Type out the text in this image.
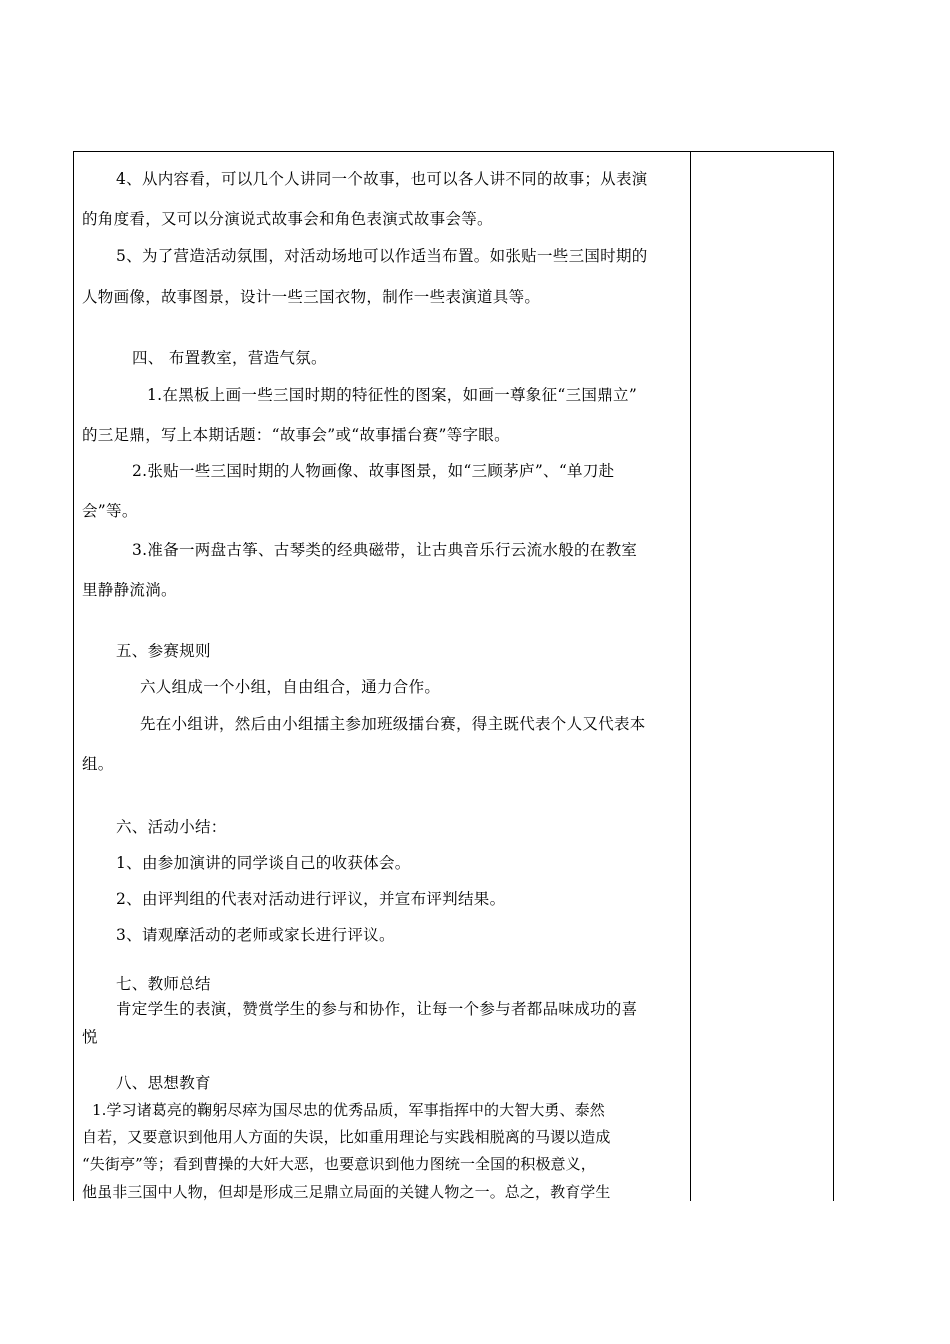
4、从内容看，可以几个人讲同一个故事，也可以各人讲不同的故事；从表演
的角度看，又可以分演说式故事会和角色表演式故事会等。
5、为了营造活动氛围，对活动场地可以作适当布置。如张贴一些三国时期的
人物画像，故事图景，设计一些三国衣物，制作一些表演道具等。
四、 布置教室，营造气氛。
1.在黑板上画一些三国时期的特征性的图案，如画一尊象征“三国鼎立”
的三足鼎，写上本期话题：“故事会”或“故事擂台赛”等字眼。
2.张贴一些三国时期的人物画像、故事图景，如“三顾茅庐”、“单刀赴
会”等。
3.准备一两盘古筝、古琴类的经典磁带，让古典音乐行云流水般的在教室
里静静流淌。
五、参赛规则
六人组成一个小组，自由组合，通力合作。
先在小组讲，然后由小组擂主参加班级擂台赛，得主既代表个人又代表本
组。
六、活动小结：
1、由参加演讲的同学谈自己的收获体会。
2、由评判组的代表对活动进行评议，并宣布评判结果。
3、请观摩活动的老师或家长进行评议。
七、教师总结
肯定学生的表演，赞赏学生的参与和协作，让每一个参与者都品味成功的喜
悦
八、思想教育
1.学习诸葛亮的鞠躬尽瘁为国尽忠的优秀品质，军事指挥中的大智大勇、泰然
自若，又要意识到他用人方面的失误，比如重用理论与实践相脱离的马谡以造成
“失街亭”等；看到曹操的大奸大恶，也要意识到他力图统一全国的积极意义，
他虽非三国中人物，但却是形成三足鼎立局面的关键人物之一。总之，教育学生
